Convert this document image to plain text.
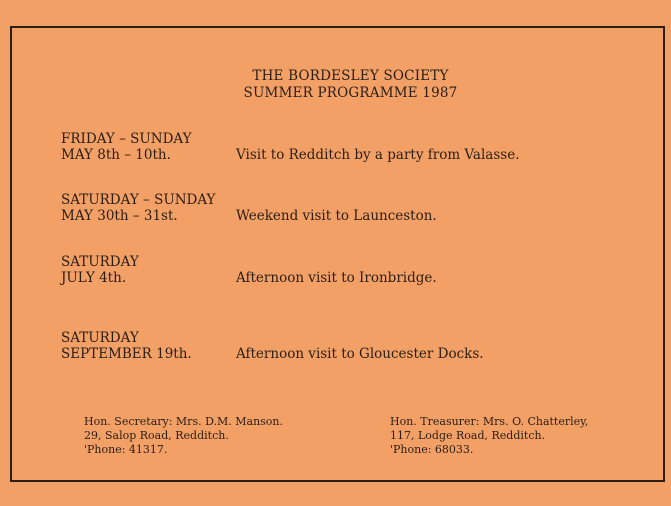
THE BORDESLEY SOCIETY
SUMMER PROGRAMME 1987
FRIDAY – SUNDAY
MAY 8th – 10th.	Visit to Redditch by a party from Valasse.
SATURDAY – SUNDAY
MAY 30th – 31st.	Weekend visit to Launceston.
SATURDAY
JULY 4th.	Afternoon visit to Ironbridge.
SATURDAY
SEPTEMBER 19th.	Afternoon visit to Gloucester Docks.
Hon. Secretary: Mrs. D.M. Manson.
29, Salop Road, Redditch.
'Phone: 41317.
Hon. Treasurer: Mrs. O. Chatterley,
117, Lodge Road, Redditch.
'Phone: 68033.
